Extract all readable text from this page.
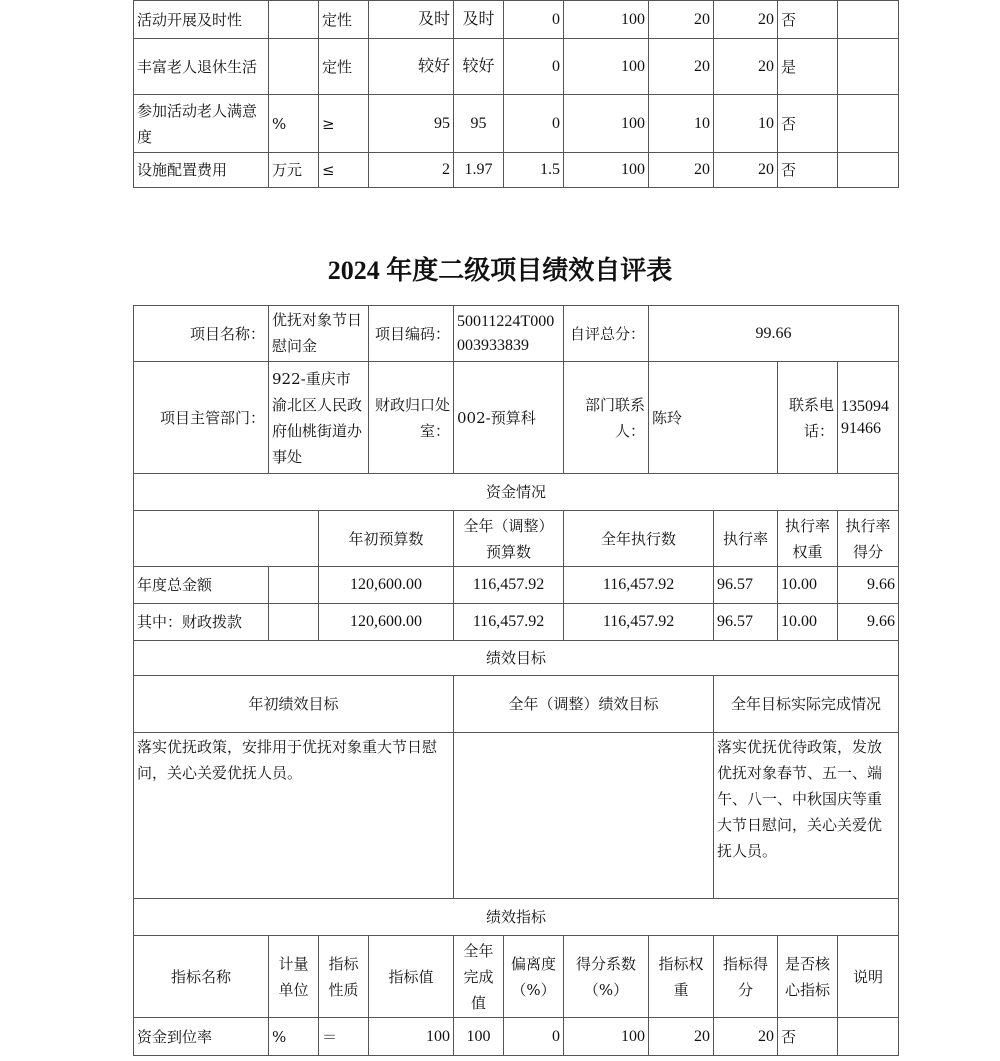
活动开展及时性		定性	及时	及时	0	100	20	20	否	
丰富老人退休生活		定性	较好	较好	0	100	20	20	是	
参加活动老人满意度	%	≥	95	95	0	100	10	10	否	
设施配置费用	万元	≤	2	1.97	1.5	100	20	20	否	
2024 年度二级项目绩效自评表
项目名称：	优抚对象节日慰问金		项目编码：	50011224T000003933839		自评总分：	99.66			
项目主管部门：	922-重庆市渝北区人民政府仙桃街道办事处		财政归口处室：	002-预算科		部门联系人：	陈玲		联系电话：	13509491466
资金情况										
		年初预算数		全年（调整）预算数		全年执行数		执行率	执行率权重	执行率得分
年度总金额		120,600.00		116,457.92		116,457.92		96.57	10.00	9.66
其中：财政拨款		120,600.00		116,457.92		116,457.92		96.57	10.00	9.66
绩效目标										
年初绩效目标				全年（调整）绩效目标				全年目标实际完成情况		
落实优抚政策，安排用于优抚对象重大节日慰问，关心关爱优抚人员。								落实优抚优待政策，发放优抚对象春节、五一、端午、八一、中秋国庆等重大节日慰问，关心关爱优抚人员。		
绩效指标										
指标名称	计量单位	指标性质	指标值	全年完成值	偏离度（%）	得分系数（%）	指标权重	指标得分	是否核心指标	说明
资金到位率	%	＝	100	100	0	100	20	20	否	
